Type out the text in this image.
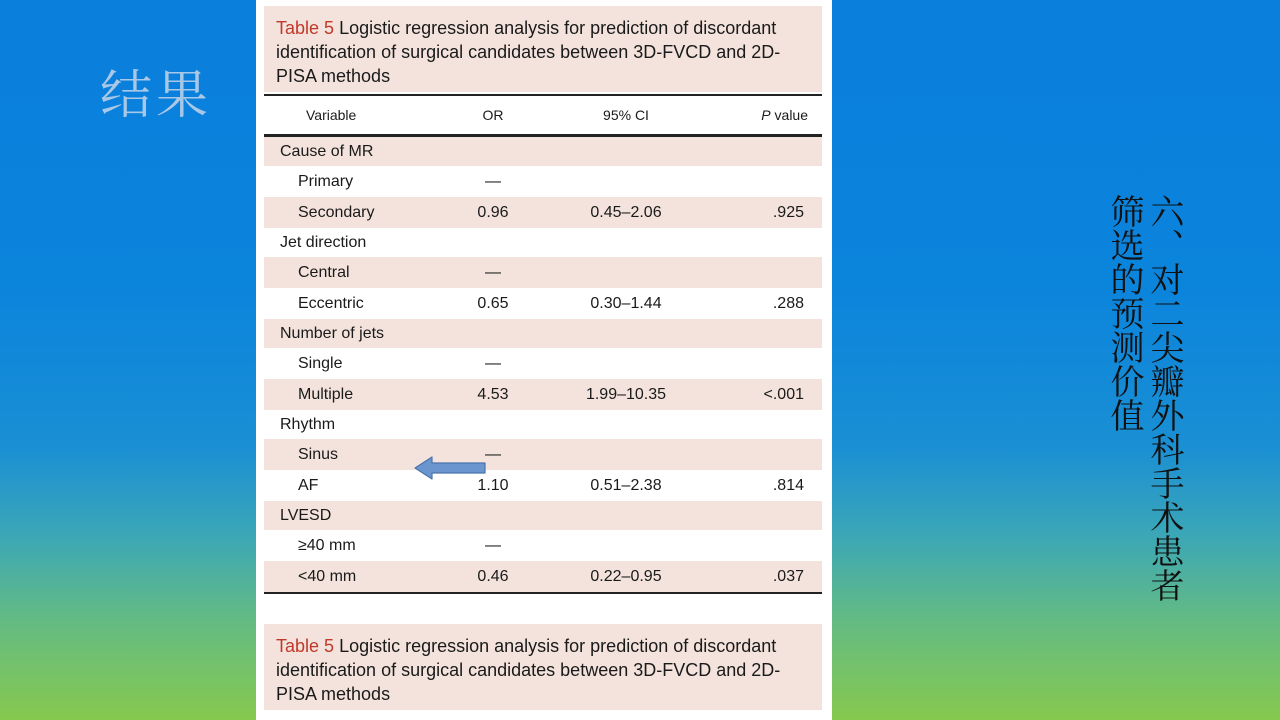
结果
六、对二尖瓣外科手术患者筛选的预测价值
Table 5 Logistic regression analysis for prediction of discordant identification of surgical candidates between 3D-FVCD and 2D-PISA methods
Variable	OR	95% CI	P value
Cause of MR
Primary	—
Secondary	0.96	0.45–2.06	.925
Jet direction
Central	—
Eccentric	0.65	0.30–1.44	.288
Number of jets
Single	—
Multiple	4.53	1.99–10.35	<.001
Rhythm
Sinus	—
AF	1.10	0.51–2.38	.814
LVESD
≥40 mm	—
<40 mm	0.46	0.22–0.95	.037
Table 5 Logistic regression analysis for prediction of discordant identification of surgical candidates between 3D-FVCD and 2D-PISA methods
